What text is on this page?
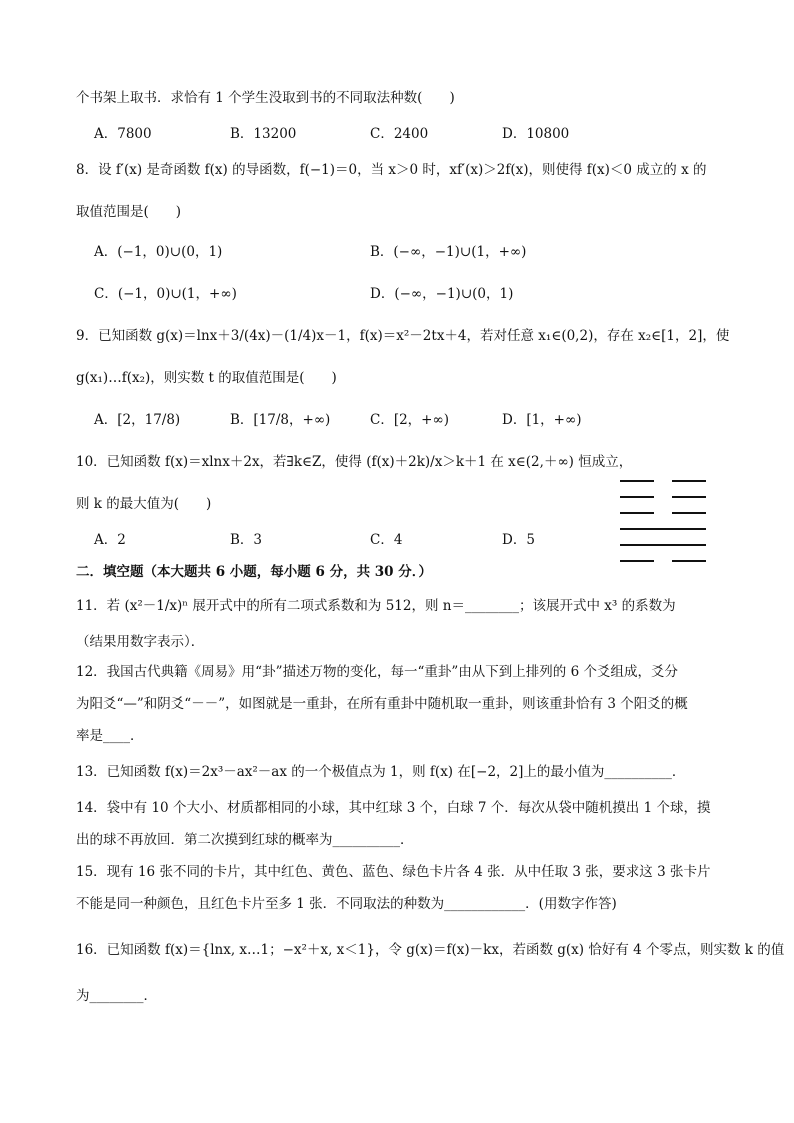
个书架上取书．求恰有 1 个学生没取到书的不同取法种数(　　)
A．7800	B．13200	C．2400	D．10800
8．设 f′(x) 是奇函数 f(x) 的导函数，f(−1)＝0，当 x＞0 时，xf′(x)＞2f(x)，则使得 f(x)＜0 成立的 x 的
取值范围是(　　)
A．(−1，0)∪(0，1)	B．(−∞，−1)∪(1，+∞)
C．(−1，0)∪(1，+∞)	D．(−∞，−1)∪(0，1)
9．已知函数 g(x)＝lnx＋3/(4x)－(1/4)x－1，f(x)＝x²－2tx＋4，若对任意 x₁∈(0,2)，存在 x₂∈[1，2]，使
g(x₁)…f(x₂)，则实数 t 的取值范围是(　　)
A．[2，17/8)	B．[17/8，+∞)	C．[2，+∞)	D．[1，+∞)
10．已知函数 f(x)＝xlnx＋2x，若∃k∈Z，使得 (f(x)＋2k)/x＞k＋1 在 x∈(2,＋∞) 恒成立，
则 k 的最大值为(　　)
A．2	B．3	C．4	D．5
二．填空题（本大题共 6 小题，每小题 6 分，共 30 分．）
11．若 (x²－1/x)ⁿ 展开式中的所有二项式系数和为 512，则 n＝________；该展开式中 x³ 的系数为
（结果用数字表示）．
12．我国古代典籍《周易》用“卦”描述万物的变化，每一“重卦”由从下到上排列的 6 个爻组成，爻分
为阳爻“—”和阴爻“－－”，如图就是一重卦，在所有重卦中随机取一重卦，则该重卦恰有 3 个阳爻的概
率是____．
13．已知函数 f(x)＝2x³－ax²－ax 的一个极值点为 1，则 f(x) 在[−2，2]上的最小值为__________．
14．袋中有 10 个大小、材质都相同的小球，其中红球 3 个，白球 7 个．每次从袋中随机摸出 1 个球，摸
出的球不再放回．第二次摸到红球的概率为__________．
15．现有 16 张不同的卡片，其中红色、黄色、蓝色、绿色卡片各 4 张．从中任取 3 张，要求这 3 张卡片
不能是同一种颜色，且红色卡片至多 1 张．不同取法的种数为____________．(用数字作答)
16．已知函数 f(x)＝{lnx, x…1；−x²＋x, x＜1}，令 g(x)＝f(x)－kx，若函数 g(x) 恰好有 4 个零点，则实数 k 的值
为________．
